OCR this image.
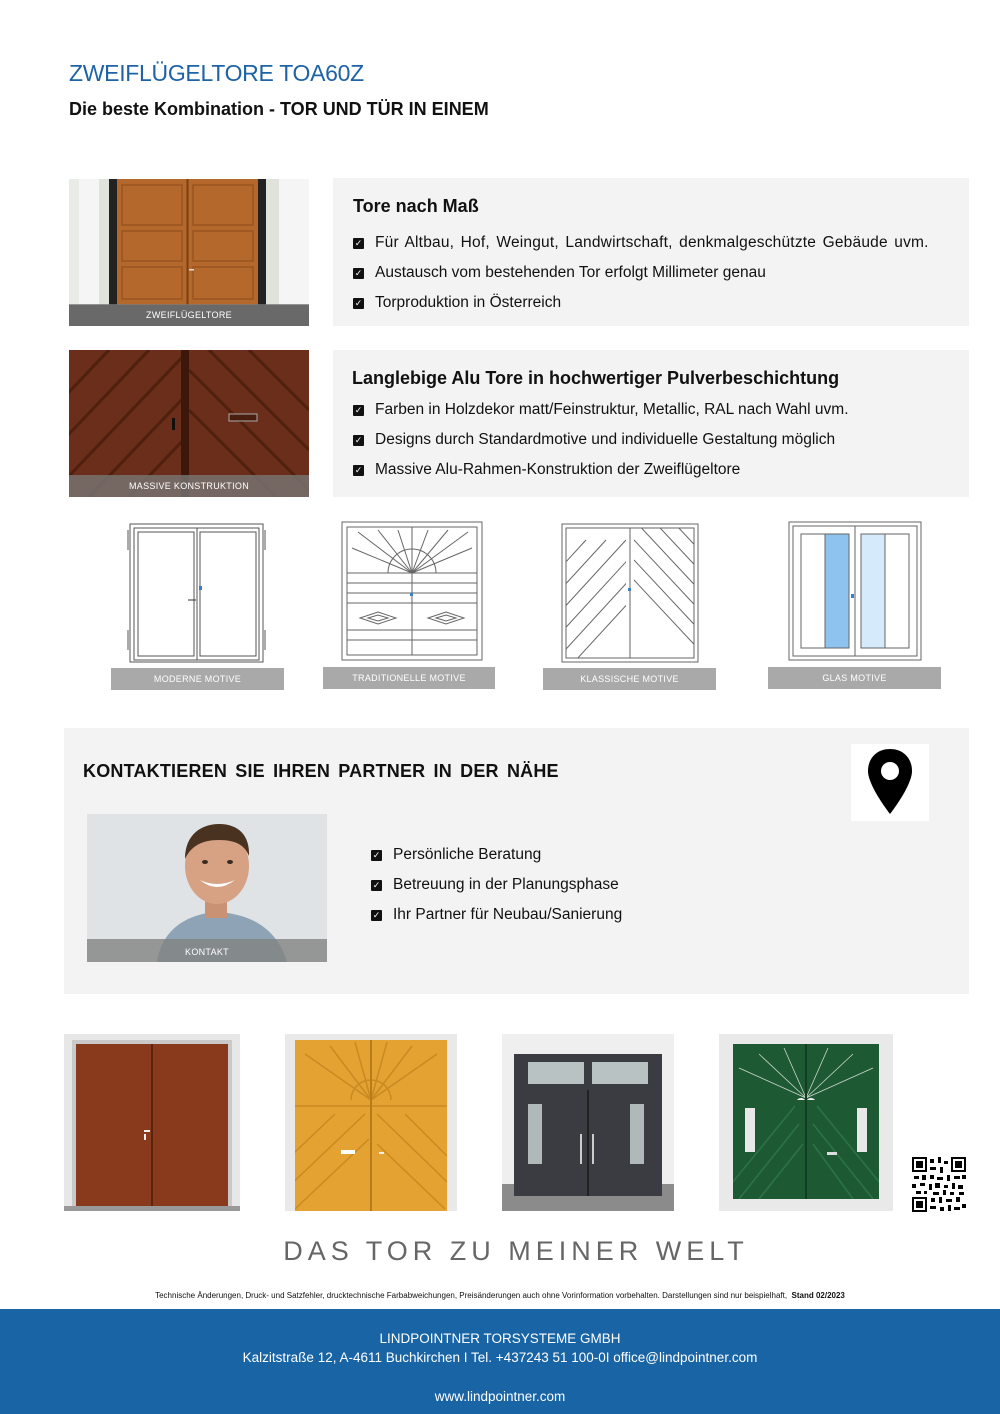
ZWEIFLÜGELTORE TOA60Z
Die beste Kombination - TOR UND TÜR IN EINEM
ZWEIFLÜGELTORE
Tore nach Maß

✓ Für Altbau, Hof, Weingut, Landwirtschaft, denkmalgeschützte Gebäude uvm.

✓ Austausch vom bestehenden Tor erfolgt Millimeter genau

✓ Torproduktion in Österreich

MASSIVE KONSTRUKTION
Langlebige Alu Tore in hochwertiger Pulverbeschichtung

✓ Farben in Holzdekor matt/Feinstruktur, Metallic, RAL nach Wahl uvm.

✓ Designs durch Standardmotive und individuelle Gestaltung möglich

✓ Massive Alu-Rahmen-Konstruktion der Zweiflügeltore

MODERNE MOTIVE	TRADITIONELLE MOTIVE	KLASSISCHE MOTIVE	GLAS MOTIVE
KONTAKTIEREN SIE IHREN PARTNER IN DER NÄHE
KONTAKT

✓ Persönliche Beratung

✓ Betreuung in der Planungsphase

✓ Ihr Partner für Neubau/Sanierung

DAS TOR ZU MEINER WELT
Technische Änderungen, Druck- und Satzfehler, drucktechnische Farbabweichungen, Preisänderungen auch ohne Vorinformation vorbehalten. Darstellungen sind nur beispielhaft, Stand 02/2023
LINDPOINTNER TORSYSTEME GMBH
Kalzitstraße 12, A-4611 Buchkirchen I Tel. +437243 51 100-0I office@lindpointner.com
www.lindpointner.com
